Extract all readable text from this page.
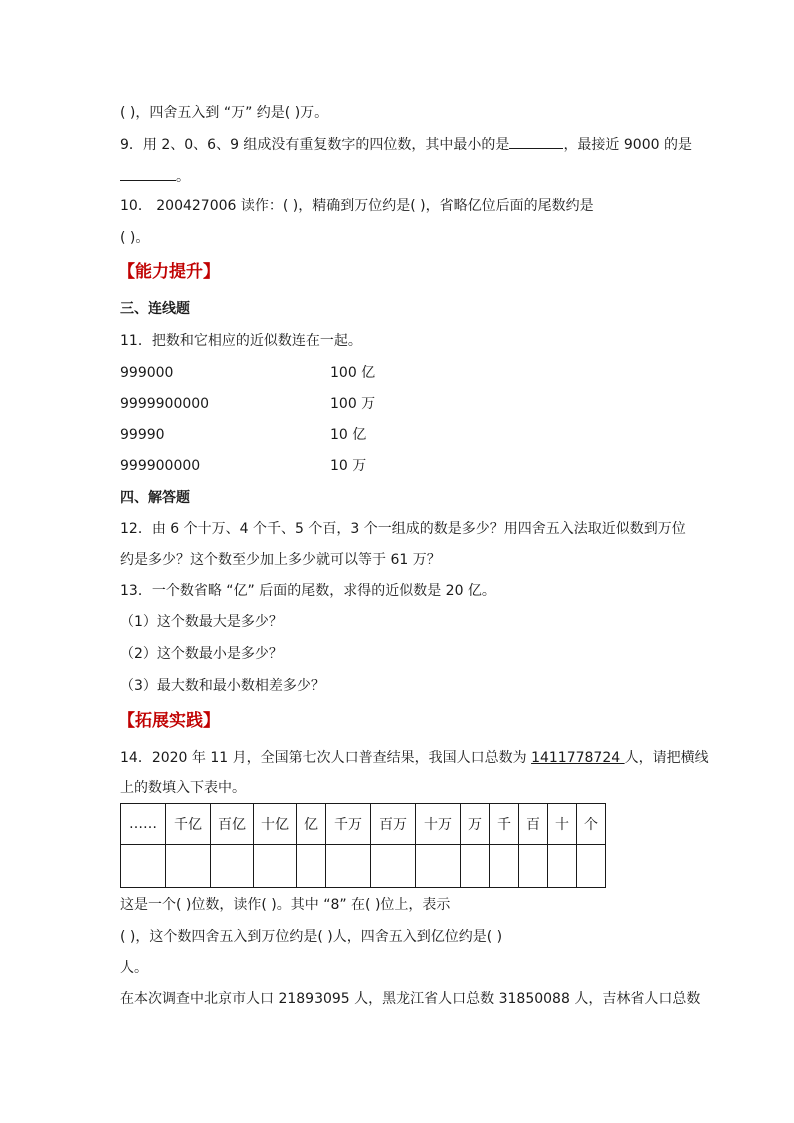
( )，四舍五入到 “万” 约是( )万。
9．用 2、0、6、9 组成没有重复数字的四位数，其中最小的是	，最接近 9000 的是
。
10． 200427006 读作：( )，精确到万位约是( )，省略亿位后面的尾数约是
( )。
【能力提升】
三、连线题
11．把数和它相应的近似数连在一起。
999000	100 亿
9999900000	100 万
99990	10 亿
999900000	10 万
四、解答题
12．由 6 个十万、4 个千、5 个百，3 个一组成的数是多少？用四舍五入法取近似数到万位
约是多少？这个数至少加上多少就可以等于 61 万？
13．一个数省略 “亿” 后面的尾数，求得的近似数是 20 亿。
（1）这个数最大是多少？
（2）这个数最小是多少？
（3）最大数和最小数相差多少？
【拓展实践】
14．2020 年 11 月，全国第七次人口普查结果，我国人口总数为 1411778724 人，请把横线
上的数填入下表中。
……	千亿	百亿	十亿	亿	千万	百万	十万	万	千	百	十	个

这是一个( )位数，读作( )。其中 “8” 在( )位上，表示
( )，这个数四舍五入到万位约是( )人，四舍五入到亿位约是( )
人。
在本次调查中北京市人口 21893095 人，黑龙江省人口总数 31850088 人，吉林省人口总数
